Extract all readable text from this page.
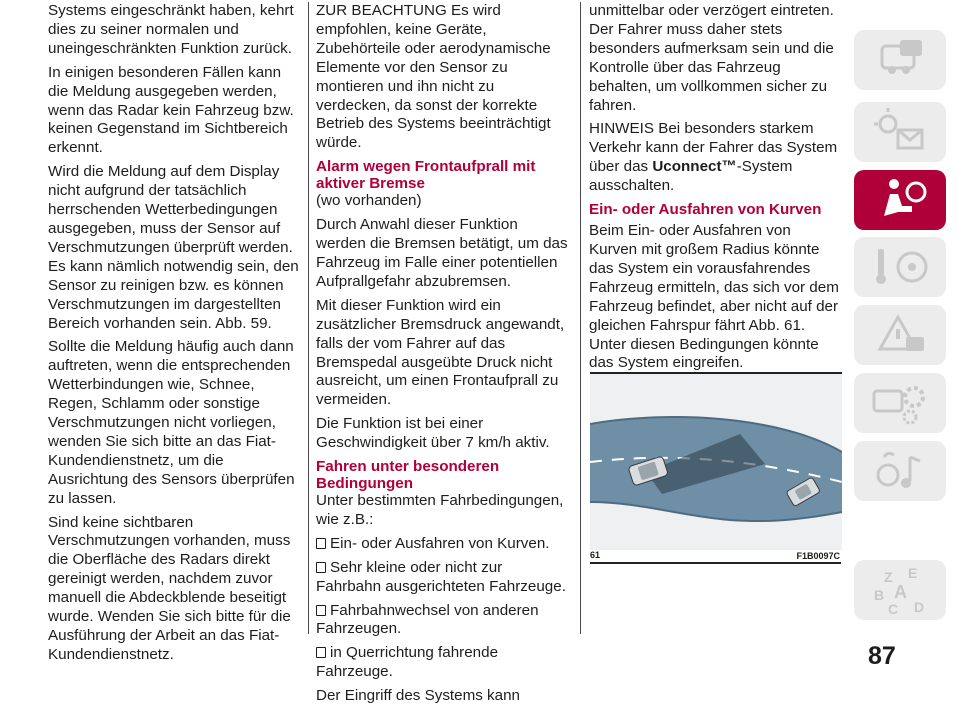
Systems eingeschränkt haben, kehrt dies zu seiner normalen und uneingeschränkten Funktion zurück.

In einigen besonderen Fällen kann die Meldung ausgegeben werden, wenn das Radar kein Fahrzeug bzw. keinen Gegenstand im Sichtbereich erkennt.

Wird die Meldung auf dem Display nicht aufgrund der tatsächlich herrschenden Wetterbedingungen ausgegeben, muss der Sensor auf Verschmutzungen überprüft werden. Es kann nämlich notwendig sein, den Sensor zu reinigen bzw. es können Verschmutzungen im dargestellten Bereich vorhanden sein. Abb. 59.

Sollte die Meldung häufig auch dann auftreten, wenn die entsprechenden Wetterbindungen wie, Schnee, Regen, Schlamm oder sonstige Verschmutzungen nicht vorliegen, wenden Sie sich bitte an das Fiat-Kundendienstnetz, um die Ausrichtung des Sensors überprüfen zu lassen.

Sind keine sichtbaren Verschmutzungen vorhanden, muss die Oberfläche des Radars direkt gereinigt werden, nachdem zuvor manuell die Abdeckblende beseitigt wurde. Wenden Sie sich bitte für die Ausführung der Arbeit an das Fiat-Kundendienstnetz.

ZUR BEACHTUNG Es wird empfohlen, keine Geräte, Zubehörteile oder aerodynamische Elemente vor den Sensor zu montieren und ihn nicht zu verdecken, da sonst der korrekte Betrieb des Systems beeinträchtigt würde.

Alarm wegen Frontaufprall mit aktiver Bremse

(wo vorhanden)

Durch Anwahl dieser Funktion werden die Bremsen betätigt, um das Fahrzeug im Falle einer potentiellen Aufprallgefahr abzubremsen.

Mit dieser Funktion wird ein zusätzlicher Bremsdruck angewandt, falls der vom Fahrer auf das Bremspedal ausgeübte Druck nicht ausreicht, um einen Frontaufprall zu vermeiden.

Die Funktion ist bei einer Geschwindigkeit über 7 km/h aktiv.

Fahren unter besonderen Bedingungen

Unter bestimmten Fahrbedingungen, wie z.B.:

Ein- oder Ausfahren von Kurven.

Sehr kleine oder nicht zur Fahrbahn ausgerichteten Fahrzeuge.

Fahrbahnwechsel von anderen Fahrzeugen.

in Querrichtung fahrende Fahrzeuge.

Der Eingriff des Systems kann

unmittelbar oder verzögert eintreten. Der Fahrer muss daher stets besonders aufmerksam sein und die Kontrolle über das Fahrzeug behalten, um vollkommen sicher zu fahren.

HINWEIS Bei besonders starkem Verkehr kann der Fahrer das System über das Uconnect™-System ausschalten.

Ein- oder Ausfahren von Kurven

Beim Ein- oder Ausfahren von Kurven mit großem Radius könnte das System ein vorausfahrendes Fahrzeug ermitteln, das sich vor dem Fahrzeug befindet, aber nicht auf der gleichen Fahrspur fährt Abb. 61. Unter diesen Bedingungen könnte das System eingreifen.

61	F1B0097C
Z E
B A
C D
87
